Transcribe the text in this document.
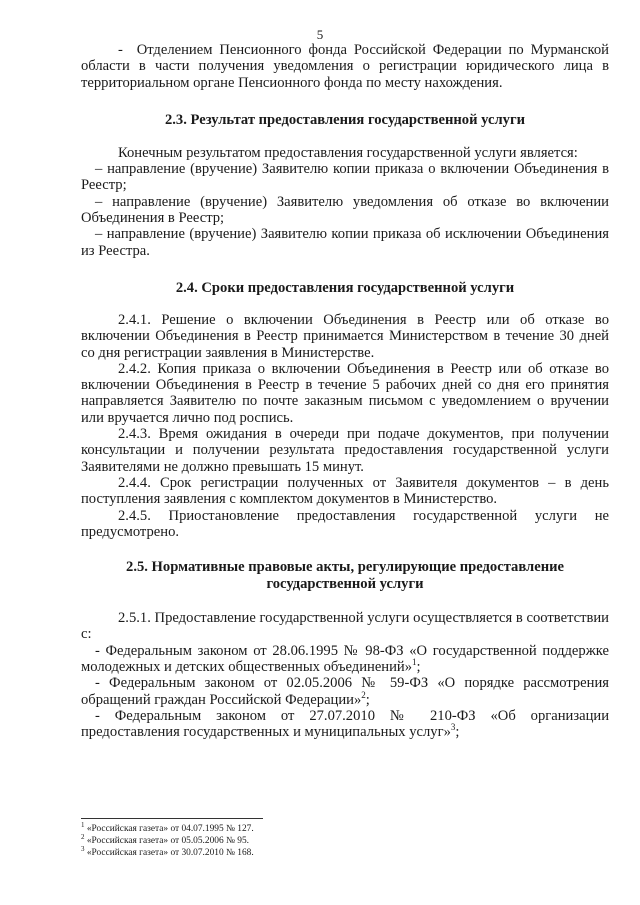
5

-  Отделением Пенсионного фонда Российской Федерации по Мурманской области в части получения уведомления о регистрации юридического лица в территориальном органе Пенсионного фонда по месту нахождения.

2.3. Результат предоставления государственной услуги

Конечным результатом предоставления государственной услуги является:

– направление (вручение) Заявителю копии приказа о включении Объединения в Реестр;

– направление (вручение) Заявителю уведомления об отказе во включении Объединения в Реестр;

– направление (вручение) Заявителю копии приказа об исключении Объединения из Реестра.

2.4. Сроки предоставления государственной услуги

2.4.1. Решение о включении Объединения в Реестр или об отказе во включении Объединения в Реестр принимается Министерством в течение 30 дней со дня регистрации заявления в Министерстве.

2.4.2. Копия приказа о включении Объединения в Реестр или об отказе во включении Объединения в Реестр в течение 5 рабочих дней со дня его принятия направляется Заявителю по почте заказным письмом с уведомлением о вручении или вручается лично под роспись.

2.4.3. Время ожидания в очереди при подаче документов, при получении консультации и получении результата предоставления государственной услуги Заявителями не должно превышать 15 минут.

2.4.4. Срок регистрации полученных от Заявителя документов – в день поступления заявления с комплектом документов в Министерство.

2.4.5. Приостановление предоставления государственной услуги не предусмотрено.

2.5. Нормативные правовые акты, регулирующие предоставление
государственной услуги

2.5.1. Предоставление государственной услуги осуществляется в соответствии с:

- Федеральным законом от 28.06.1995 № 98-ФЗ «О государственной поддержке молодежных и детских общественных объединений»$^1$;

- Федеральным законом от 02.05.2006 № 59-ФЗ «О порядке рассмотрения обращений граждан Российской Федерации»$^2$;

- Федеральным законом от 27.07.2010 № 210-ФЗ «Об организации предоставления государственных и муниципальных услуг»$^3$;

$^1$ «Российская газета» от 04.07.1995 № 127.
$^2$ «Российская газета» от 05.05.2006 № 95.
$^3$ «Российская газета» от 30.07.2010 № 168.
